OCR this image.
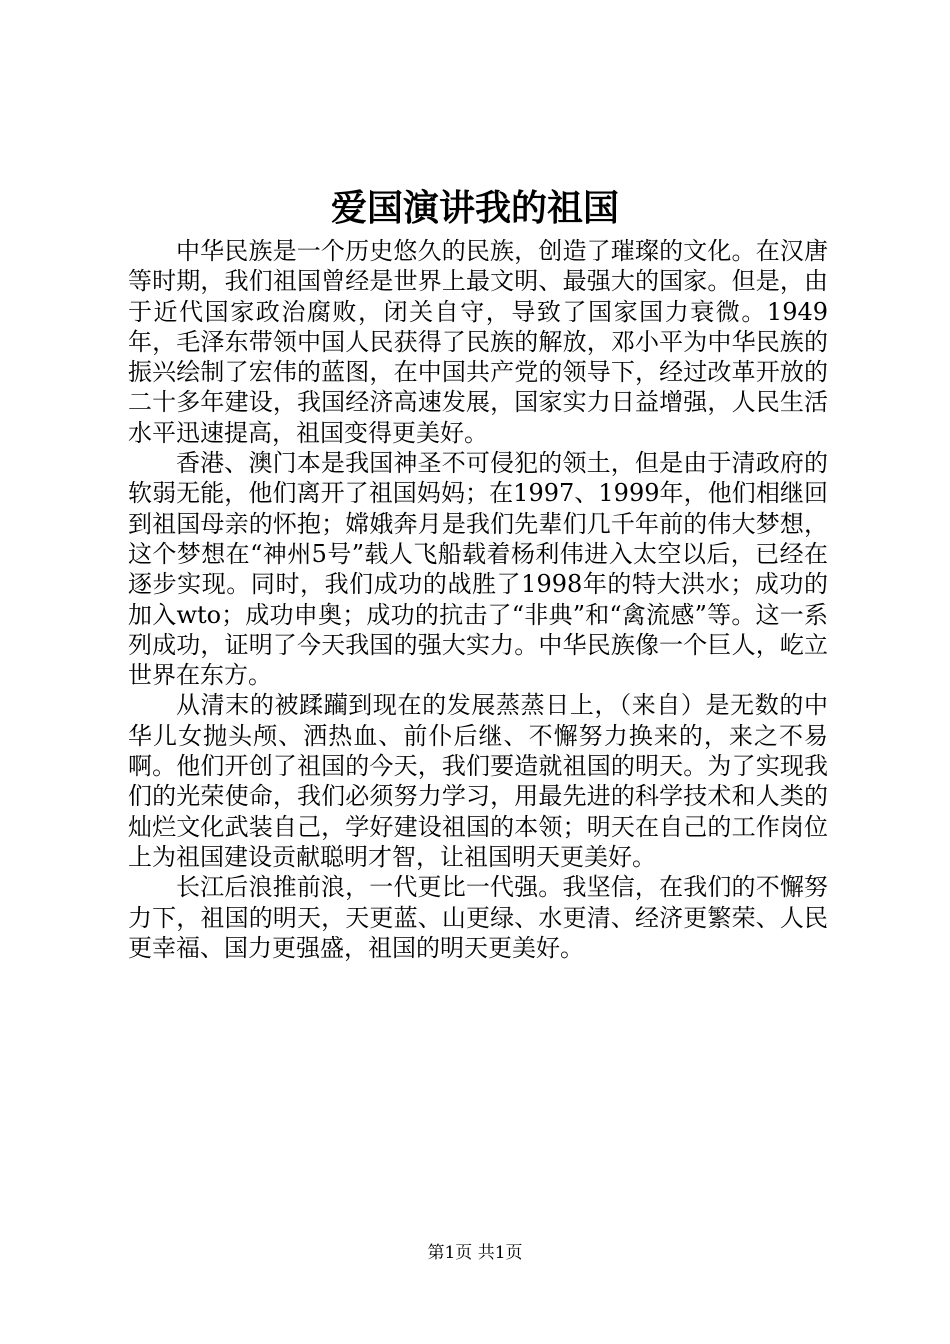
爱国演讲我的祖国

中华民族是一个历史悠久的民族，创造了璀璨的文化。在汉唐等时期，我们祖国曾经是世界上最文明、最强大的国家。但是，由于近代国家政治腐败，闭关自守，导致了国家国力衰微。1949年，毛泽东带领中国人民获得了民族的解放，邓小平为中华民族的振兴绘制了宏伟的蓝图，在中国共产党的领导下，经过改革开放的二十多年建设，我国经济高速发展，国家实力日益增强，人民生活水平迅速提高，祖国变得更美好。

香港、澳门本是我国神圣不可侵犯的领土，但是由于清政府的软弱无能，他们离开了祖国妈妈；在1997、1999年，他们相继回到祖国母亲的怀抱；嫦娥奔月是我们先辈们几千年前的伟大梦想，这个梦想在“神州5号”载人飞船载着杨利伟进入太空以后，已经在逐步实现。同时，我们成功的战胜了1998年的特大洪水；成功的加入wto；成功申奥；成功的抗击了“非典”和“禽流感”等。这一系列成功，证明了今天我国的强大实力。中华民族像一个巨人，屹立世界在东方。

从清末的被蹂躏到现在的发展蒸蒸日上，（来自）是无数的中华儿女抛头颅、洒热血、前仆后继、不懈努力换来的，来之不易啊。他们开创了祖国的今天，我们要造就祖国的明天。为了实现我们的光荣使命，我们必须努力学习，用最先进的科学技术和人类的灿烂文化武装自己，学好建设祖国的本领；明天在自己的工作岗位上为祖国建设贡献聪明才智，让祖国明天更美好。

长江后浪推前浪，一代更比一代强。我坚信，在我们的不懈努力下，祖国的明天，天更蓝、山更绿、水更清、经济更繁荣、人民更幸福、国力更强盛，祖国的明天更美好。

第1页 共1页
